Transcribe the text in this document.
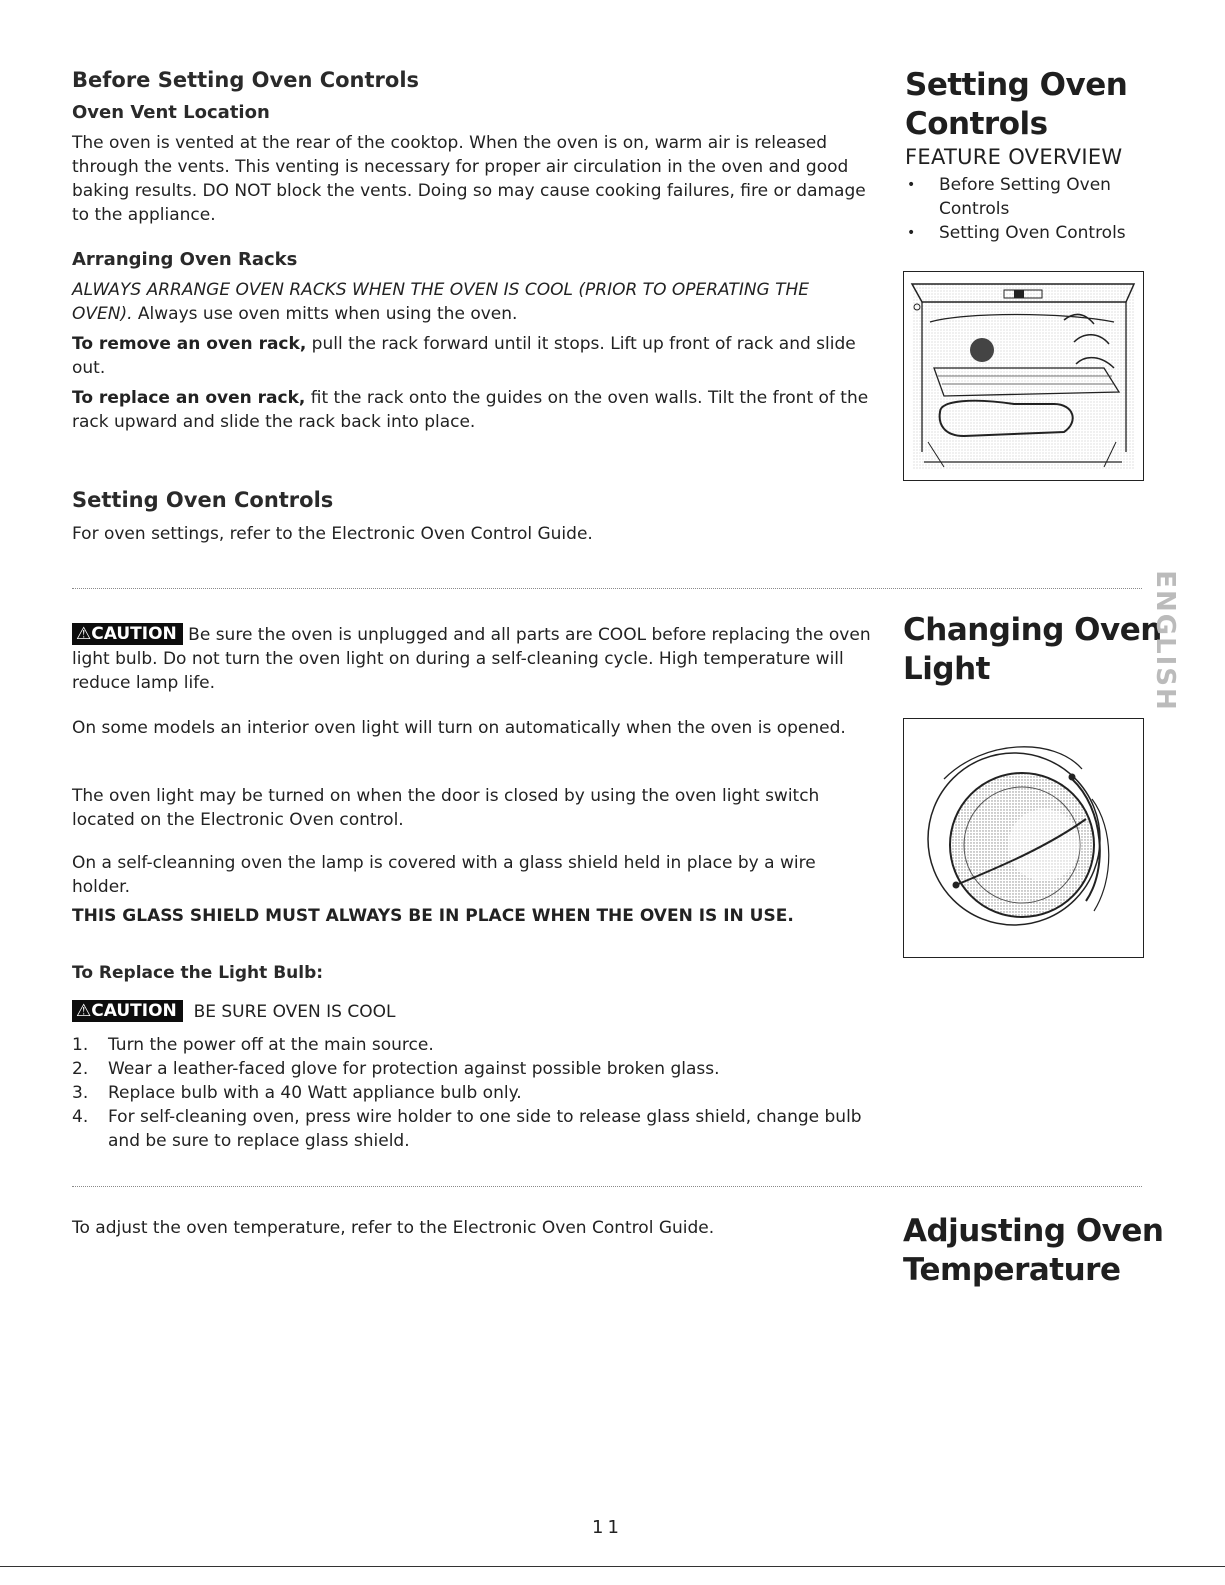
Before Setting Oven Controls
Oven Vent Location
The oven is vented at the rear of the cooktop. When the oven is on, warm air is released through the vents. This venting is necessary for proper air circulation in the oven and good baking results. DO NOT block the vents. Doing so may cause cooking failures, fire or damage to the appliance.
Arranging Oven Racks
ALWAYS ARRANGE OVEN RACKS WHEN THE OVEN IS COOL (PRIOR TO OPERATING THE OVEN). Always use oven mitts when using the oven.
To remove an oven rack, pull the rack forward until it stops. Lift up front of rack and slide out.
To replace an oven rack, fit the rack onto the guides on the oven walls. Tilt the front of the rack upward and slide the rack back into place.
Setting Oven Controls
For oven settings, refer to the Electronic Oven Control Guide.
Setting Oven
Controls
FEATURE OVERVIEW
• Before Setting Oven Controls
• Setting Oven Controls
⚠CAUTION Be sure the oven is unplugged and all parts are COOL before replacing the oven light bulb. Do not turn the oven light on during a self-cleaning cycle. High temperature will reduce lamp life.
On some models an interior oven light will turn on automatically when the oven is opened.
The oven light may be turned on when the door is closed by using the oven light switch located on the Electronic Oven control.
On a self-cleanning oven the lamp is covered with a glass shield held in place by a wire holder.
THIS GLASS SHIELD MUST ALWAYS BE IN PLACE WHEN THE OVEN IS IN USE.
To Replace the Light Bulb:
⚠CAUTION BE SURE OVEN IS COOL
1. Turn the power off at the main source.
2. Wear a leather-faced glove for protection against possible broken glass.
3. Replace bulb with a 40 Watt appliance bulb only.
4. For self-cleaning oven, press wire holder to one side to release glass shield, change bulb and be sure to replace glass shield.
Changing Oven
Light	ENGLISH
To adjust the oven temperature, refer to the Electronic Oven Control Guide.	Adjusting Oven
Temperature
11
